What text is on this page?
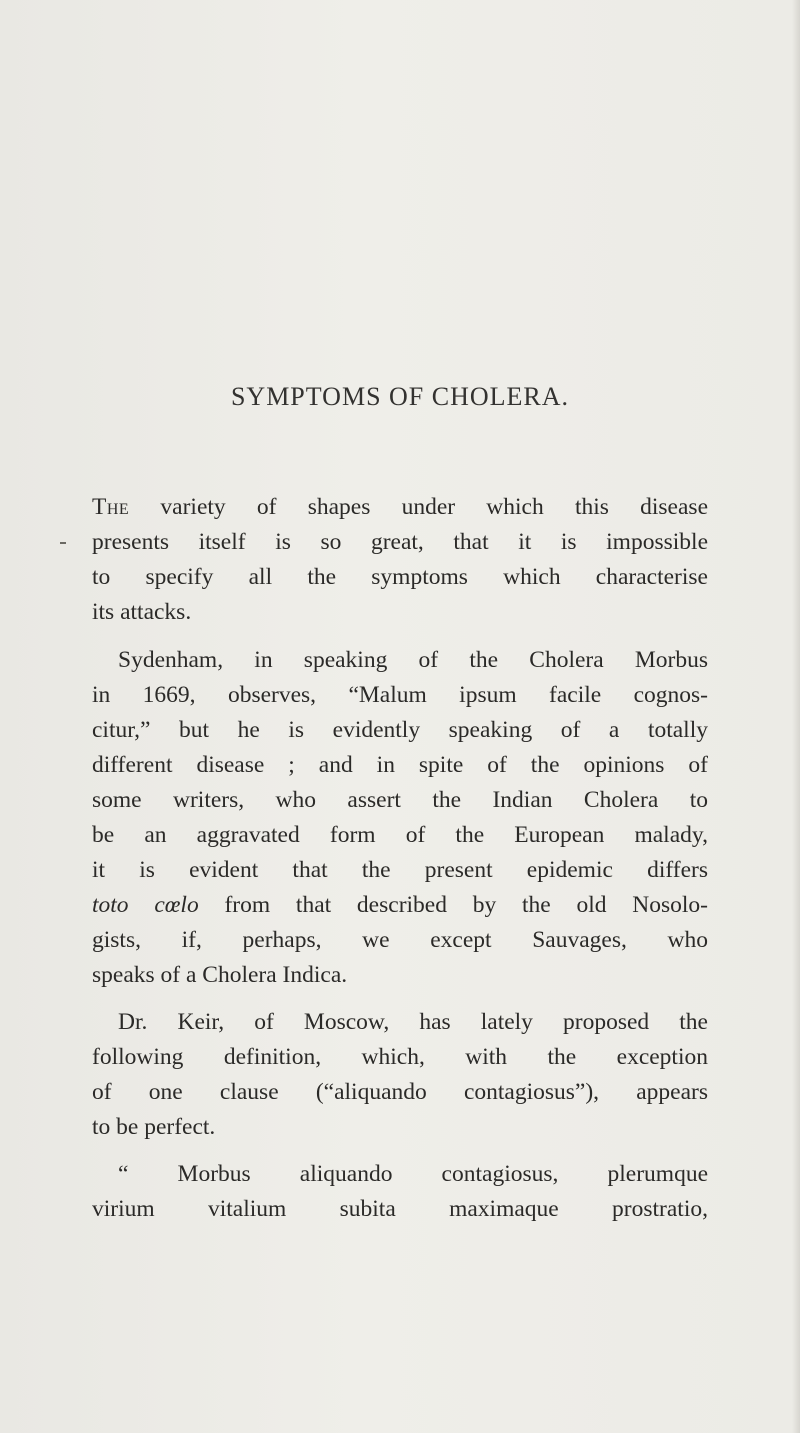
SYMPTOMS OF CHOLERA.
The variety of shapes under which this disease
presents itself is so great, that it is impossible
to specify all the symptoms which characterise
its attacks.
Sydenham, in speaking of the Cholera Morbus
in 1669, observes, “Malum ipsum facile cognos-
citur,” but he is evidently speaking of a totally
different disease ; and in spite of the opinions of
some writers, who assert the Indian Cholera to
be an aggravated form of the European malady,
it is evident that the present epidemic differs
toto cœlo from that described by the old Nosolo-
gists, if, perhaps, we except Sauvages, who
speaks of a Cholera Indica.
Dr. Keir, of Moscow, has lately proposed the
following definition, which, with the exception
of one clause (“aliquando contagiosus”), appears
to be perfect.
“ Morbus aliquando contagiosus, plerumque
virium vitalium subita maximaque prostratio,
